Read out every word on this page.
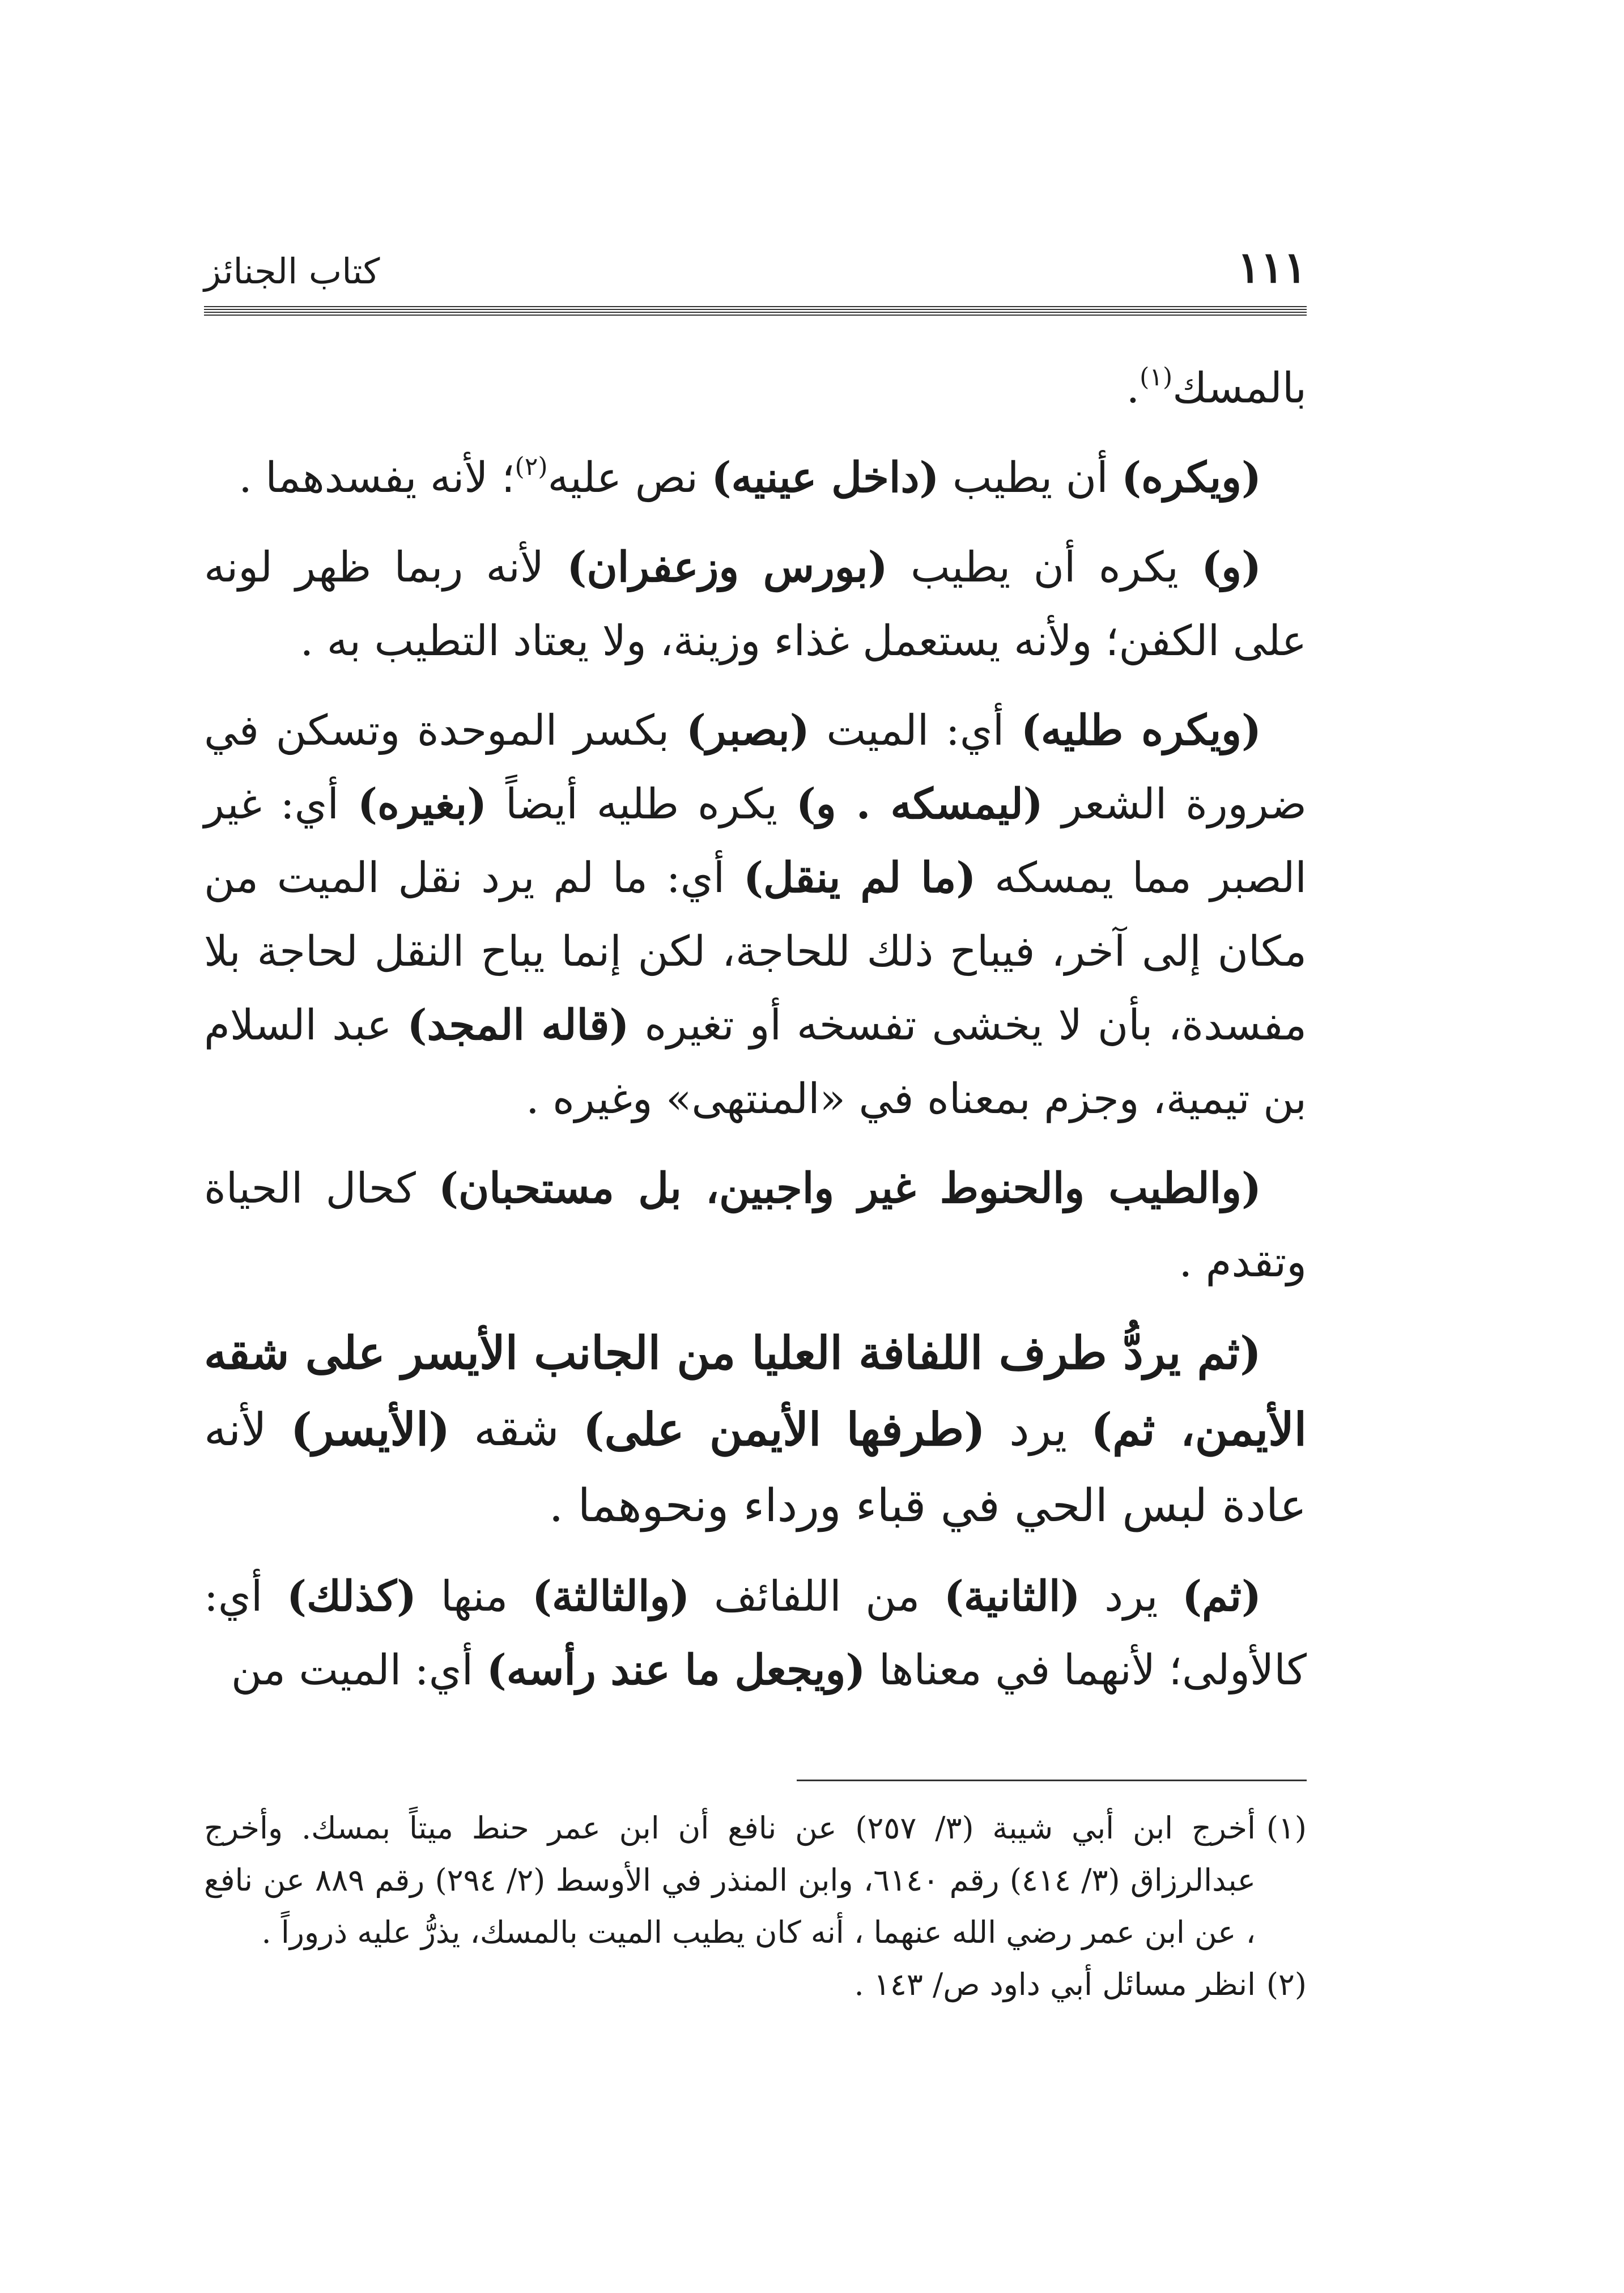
كتاب الجنائز	١١١

بالمسك$^{(١)}$.

(ويكره) أن يطيب (داخل عينيه) نص عليه$^{(٢)}$؛ لأنه يفسدهما .

(و) يكره أن يطيب (بورس وزعفران) لأنه ربما ظهر لونه على الكفن؛ ولأنه يستعمل غذاء وزينة، ولا يعتاد التطيب به .

(ويكره طليه) أي: الميت (بصبر) بكسر الموحدة وتسكن في ضرورة الشعر (ليمسكه . و) يكره طليه أيضاً (بغيره) أي: غير الصبر مما يمسكه (ما لم ينقل) أي: ما لم يرد نقل الميت من مكان إلى آخر، فيباح ذلك للحاجة، لكن إنما يباح النقل لحاجة بلا مفسدة، بأن لا يخشى تفسخه أو تغيره (قاله المجد) عبد السلام بن تيمية، وجزم بمعناه في «المنتهى» وغيره .

(والطيب والحنوط غير واجبين، بل مستحبان) كحال الحياة وتقدم .

(ثم يردُّ طرف اللفافة العليا من الجانب الأيسر على شقه الأيمن، ثم) يرد (طرفها الأيمن على) شقه (الأيسر) لأنه عادة لبس الحي في قباء ورداء ونحوهما .

(ثم) يرد (الثانية) من اللفائف (والثالثة) منها (كذلك) أي: كالأولى؛ لأنهما في معناها (ويجعل ما عند رأسه) أي: الميت من

(١)
أخرج ابن أبي شيبة (٣/ ٢٥٧) عن نافع أن ابن عمر حنط ميتاً بمسك. وأخرج عبدالرزاق (٣/ ٤١٤) رقم ٦١٤٠، وابن المنذر في الأوسط (٢/ ٢٩٤) رقم ٨٨٩ عن نافع ، عن ابن عمر رضي الله عنهما ، أنه كان يطيب الميت بالمسك، يذرُّ عليه ذروراً .
(٢)
انظر مسائل أبي داود ص/ ١٤٣ .
